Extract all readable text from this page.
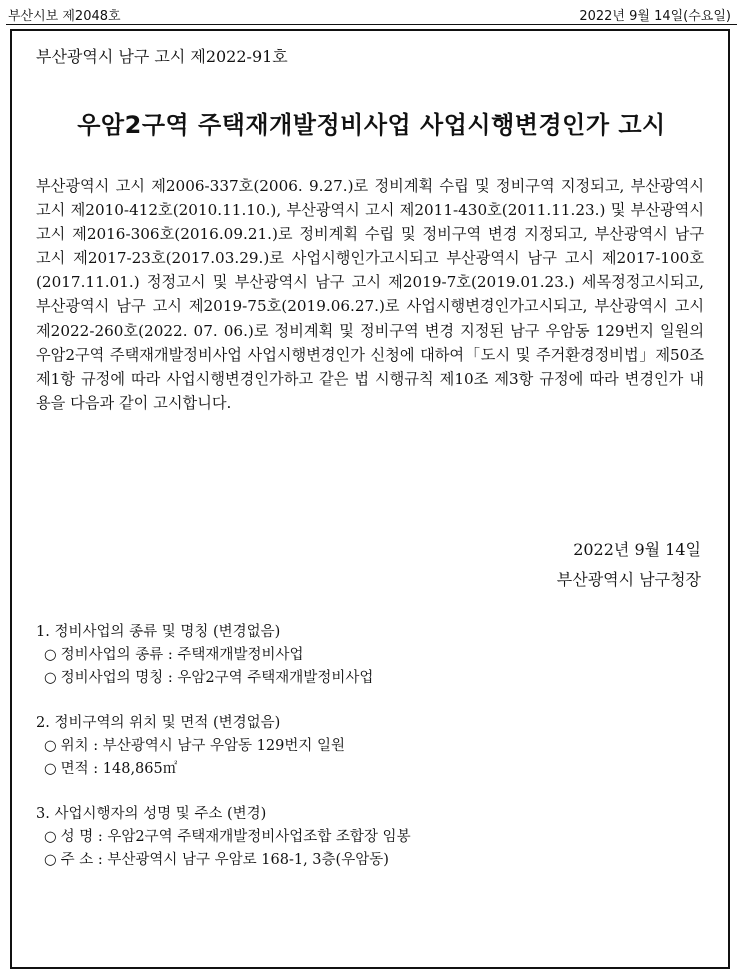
부산시보 제2048호	2022년 9월 14일(수요일)
부산광역시 남구 고시 제2022-91호
우암2구역 주택재개발정비사업 사업시행변경인가 고시
부산광역시 고시 제2006-337호(2006. 9.27.)로 정비계획 수립 및 정비구역 지정되고, 부산광역시 고시 제2010-412호(2010.11.10.), 부산광역시 고시 제2011-430호(2011.11.23.) 및 부산광역시 고시 제2016-306호(2016.09.21.)로 정비계획 수립 및 정비구역 변경 지정되고, 부산광역시 남구 고시 제2017-23호(2017.03.29.)로 사업시행인가고시되고 부산광역시 남구 고시 제2017-100호(2017.11.01.) 정정고시 및 부산광역시 남구 고시 제2019-7호(2019.01.23.) 세목정정고시되고, 부산광역시 남구 고시 제2019-75호(2019.06.27.)로 사업시행변경인가고시되고, 부산광역시 고시 제2022-260호(2022. 07. 06.)로 정비계획 및 정비구역 변경 지정된 남구 우암동 129번지 일원의 우암2구역 주택재개발정비사업 사업시행변경인가 신청에 대하여「도시 및 주거환경정비법」제50조 제1항 규정에 따라 사업시행변경인가하고 같은 법 시행규칙 제10조 제3항 규정에 따라 변경인가 내용을 다음과 같이 고시합니다.
2022년 9월 14일
부산광역시 남구청장
1. 정비사업의 종류 및 명칭 (변경없음)
○ 정비사업의 종류 : 주택재개발정비사업
○ 정비사업의 명칭 : 우암2구역 주택재개발정비사업
2. 정비구역의 위치 및 면적 (변경없음)
○ 위치 : 부산광역시 남구 우암동 129번지 일원
○ 면적 : 148,865㎡
3. 사업시행자의 성명 및 주소 (변경)
○ 성 명 : 우암2구역 주택재개발정비사업조합 조합장 임봉
○ 주 소 : 부산광역시 남구 우암로 168-1, 3층(우암동)
